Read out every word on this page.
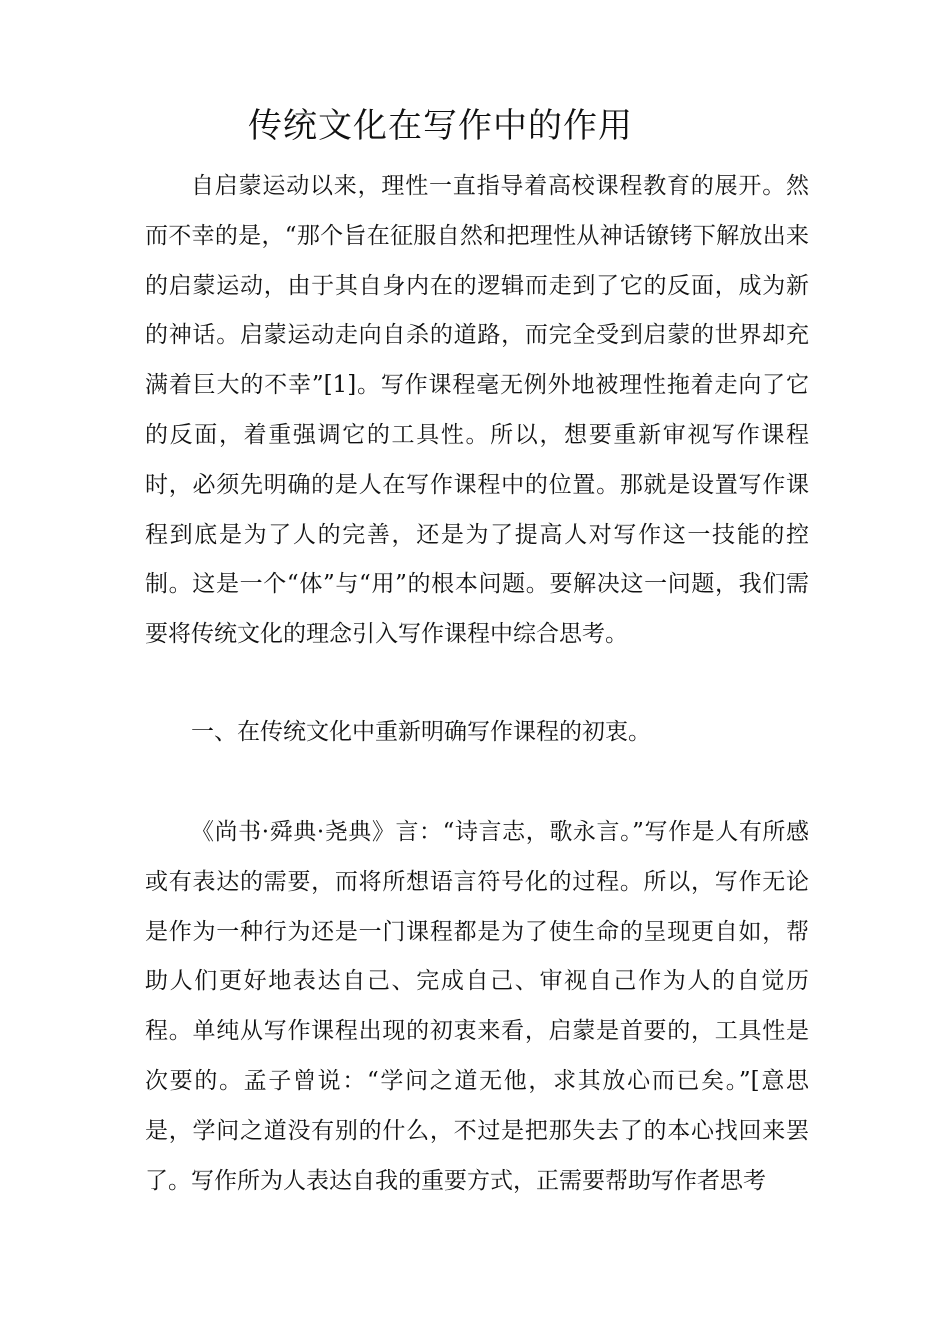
传统文化在写作中的作用

自启蒙运动以来，理性一直指导着高校课程教育的展开。然而不幸的是，“那个旨在征服自然和把理性从神话镣铐下解放出来的启蒙运动，由于其自身内在的逻辑而走到了它的反面，成为新的神话。启蒙运动走向自杀的道路，而完全受到启蒙的世界却充满着巨大的不幸”[1]。写作课程毫无例外地被理性拖着走向了它的反面，着重强调它的工具性。所以，想要重新审视写作课程时，必须先明确的是人在写作课程中的位置。那就是设置写作课程到底是为了人的完善，还是为了提高人对写作这一技能的控制。这是一个“体”与“用”的根本问题。要解决这一问题，我们需要将传统文化的理念引入写作课程中综合思考。

一、在传统文化中重新明确写作课程的初衷。

《尚书·舜典·尧典》言：“诗言志，歌永言。”写作是人有所感或有表达的需要，而将所想语言符号化的过程。所以，写作无论是作为一种行为还是一门课程都是为了使生命的呈现更自如，帮助人们更好地表达自己、完成自己、审视自己作为人的自觉历程。单纯从写作课程出现的初衷来看，启蒙是首要的，工具性是次要的。孟子曾说：“学问之道无他，求其放心而已矣。”[意思是，学问之道没有别的什么，不过是把那失去了的本心找回来罢了。写作所为人表达自我的重要方式，正需要帮助写作者思考
